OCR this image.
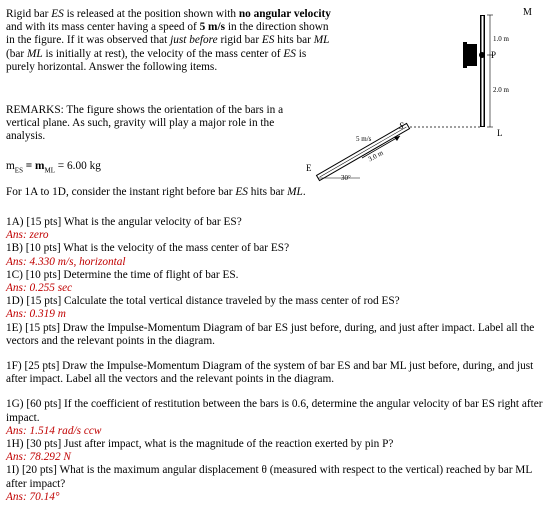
Rigid bar ES is released at the position shown with no angular velocity and with its mass center having a speed of 5 m/s in the direction shown in the figure. If it was observed that just before rigid bar ES hits bar ML (bar ML is initially at rest), the velocity of the mass center of ES is purely horizontal. Answer the following items.
REMARKS: The figure shows the orientation of the bars in a vertical plane. As such, gravity will play a major role in the analysis.
$m_{ES} = m_{ML} = 6.00$ kg
For 1A to 1D, consider the instant right before bar ES hits bar ML.
M
1.0 m
P
2.0 m
L
5 m/s
S
E
30°
3.0 m

1A) [15 pts] What is the angular velocity of bar ES?

Ans: zero

1B) [10 pts] What is the velocity of the mass center of bar ES?

Ans: 4.330 m/s, horizontal

1C) [10 pts] Determine the time of flight of bar ES.

Ans: 0.255 sec

1D) [15 pts] Calculate the total vertical distance traveled by the mass center of rod ES?

Ans: 0.319 m

1E) [15 pts] Draw the Impulse-Momentum Diagram of bar ES just before, during, and just after impact. Label all the vectors and the relevant points in the diagram.

1F) [25 pts] Draw the Impulse-Momentum Diagram of the system of bar ES and bar ML just before, during, and just after impact. Label all the vectors and the relevant points in the diagram.

1G) [60 pts] If the coefficient of restitution between the bars is 0.6, determine the angular velocity of bar ES right after impact.

Ans: 1.514 rad/s ccw

1H) [30 pts] Just after impact, what is the magnitude of the reaction exerted by pin P?

Ans: 78.292 N

1I) [20 pts] What is the maximum angular displacement θ (measured with respect to the vertical) reached by bar ML after impact?

Ans: 70.14°
